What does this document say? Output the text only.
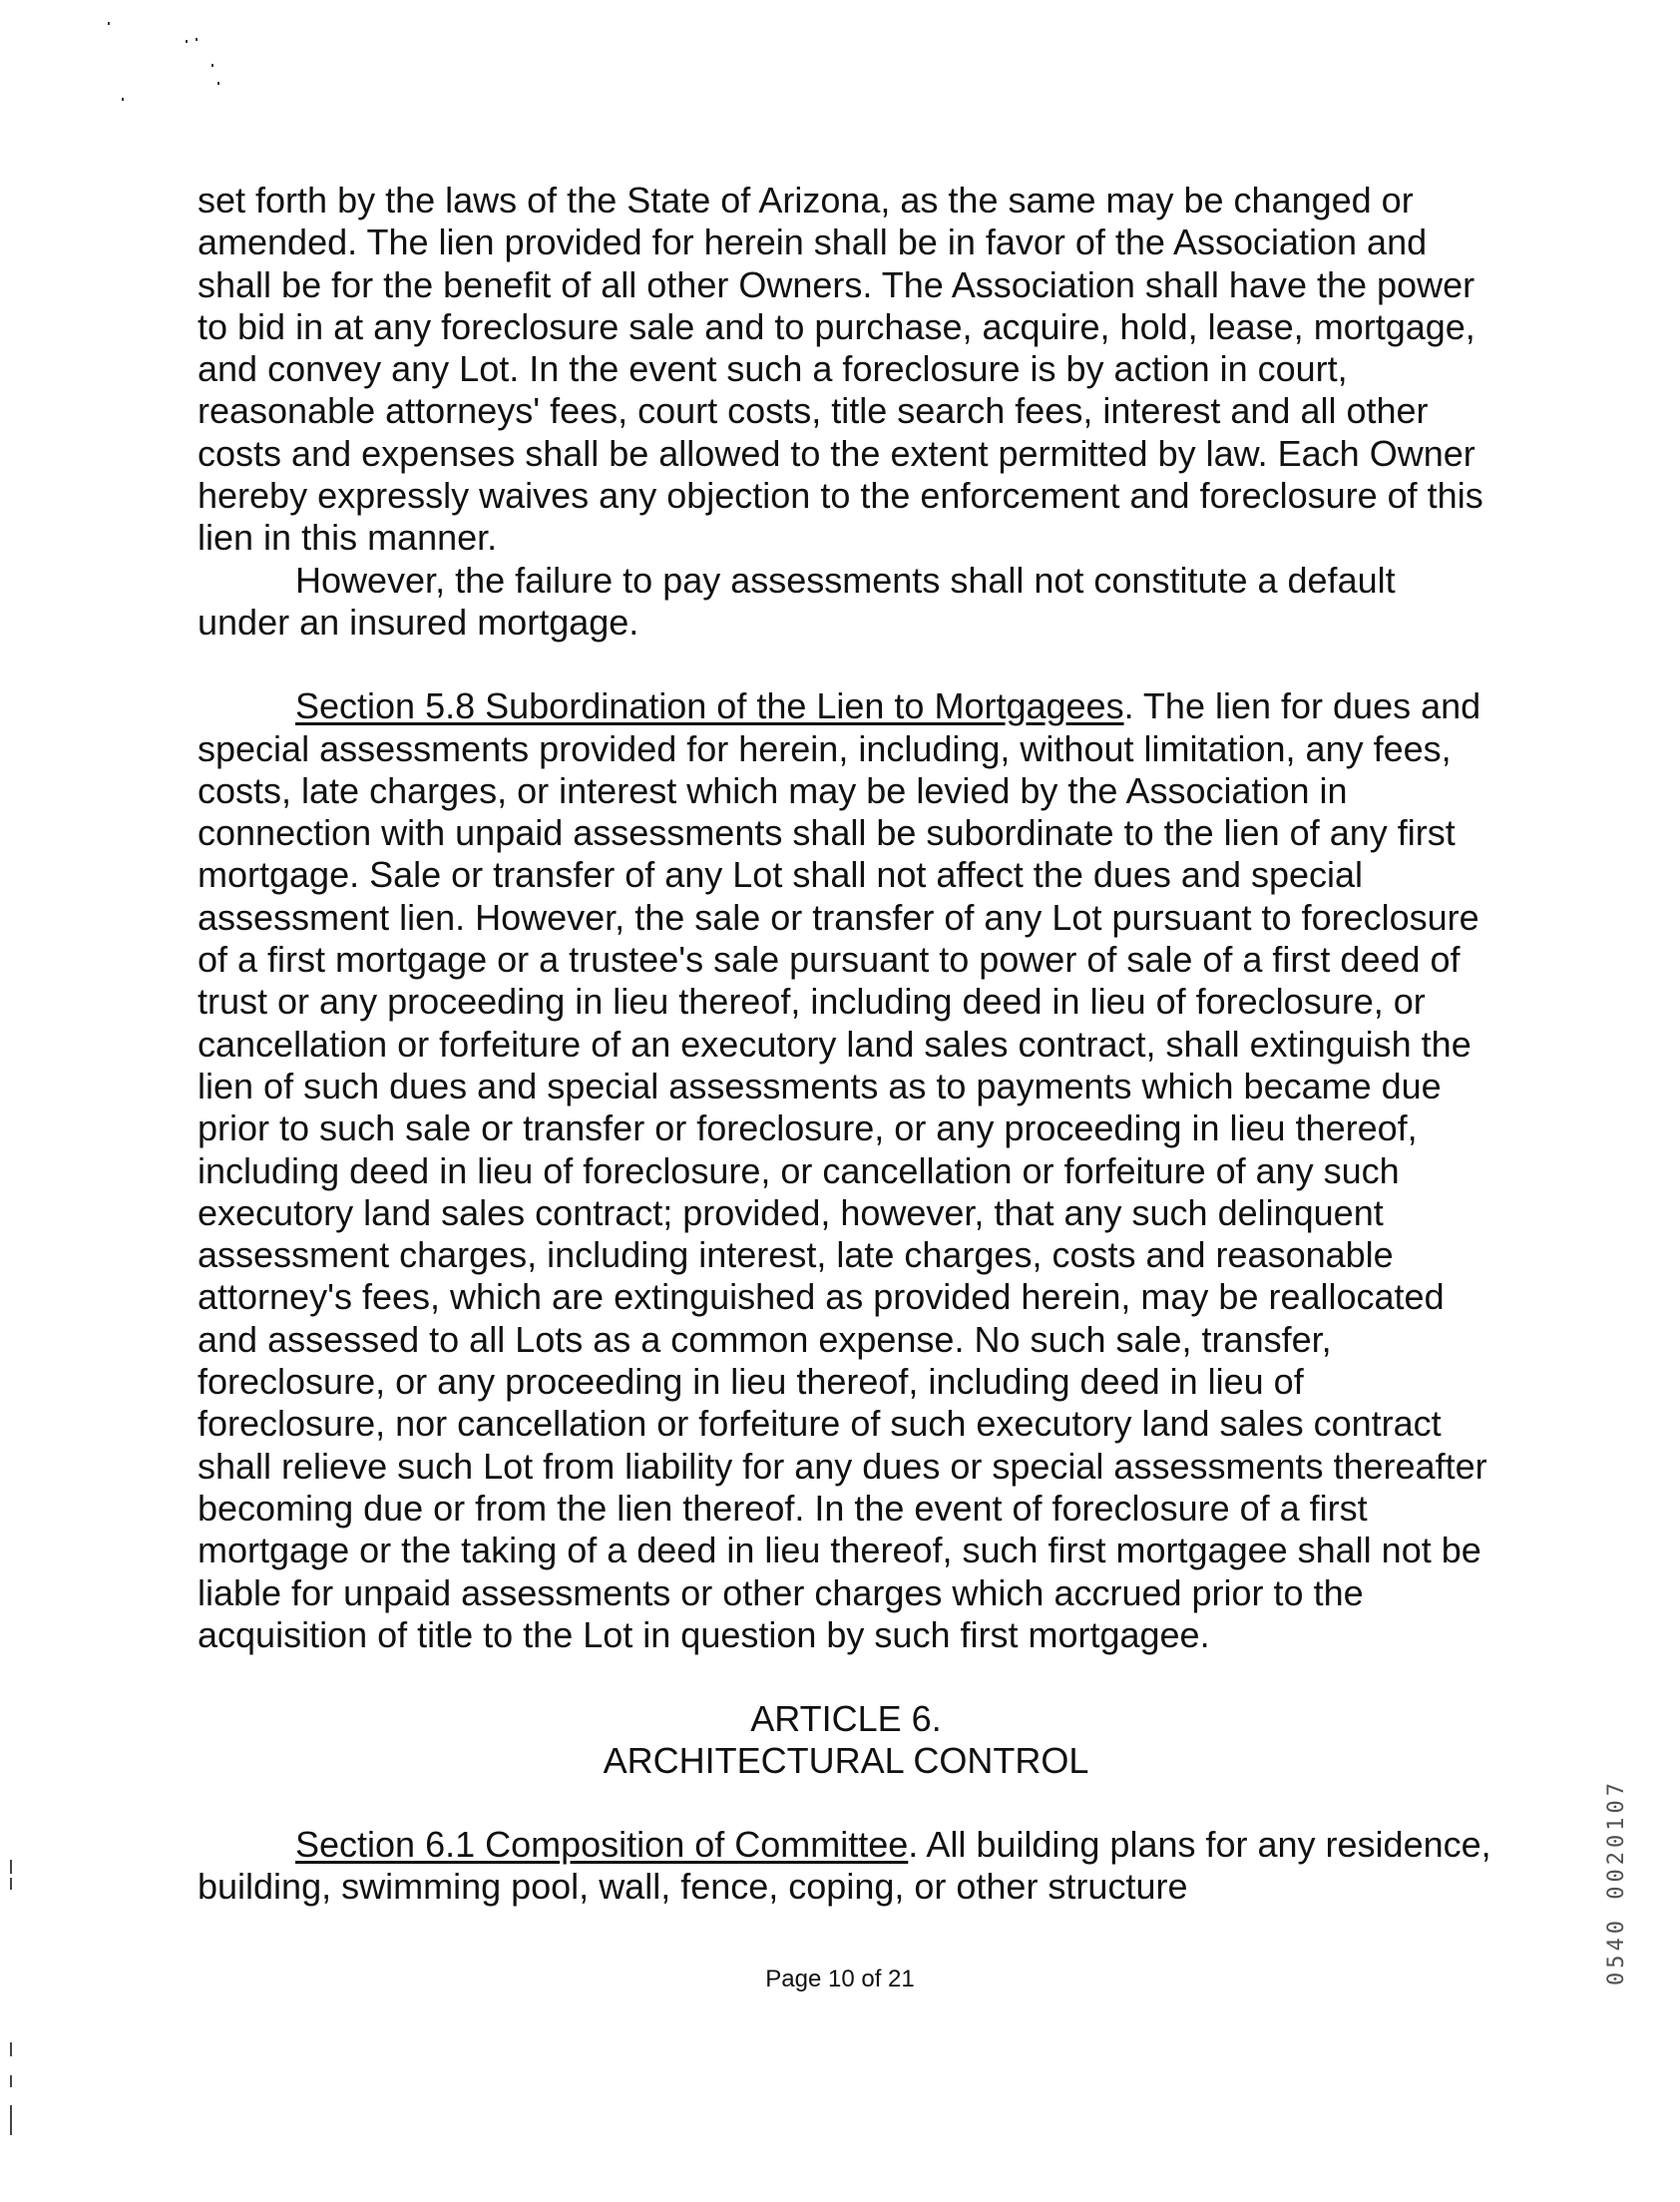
set forth by the laws of the State of Arizona, as the same may be changed or amended. The lien provided for herein shall be in favor of the Association and shall be for the benefit of all other Owners. The Association shall have the power to bid in at any foreclosure sale and to purchase, acquire, hold, lease, mortgage, and convey any Lot. In the event such a foreclosure is by action in court, reasonable attorneys' fees, court costs, title search fees, interest and all other costs and expenses shall be allowed to the extent permitted by law. Each Owner hereby expressly waives any objection to the enforcement and foreclosure of this lien in this manner.

However, the failure to pay assessments shall not constitute a default under an insured mortgage.

Section 5.8 Subordination of the Lien to Mortgagees. The lien for dues and special assessments provided for herein, including, without limitation, any fees, costs, late charges, or interest which may be levied by the Association in connection with unpaid assessments shall be subordinate to the lien of any first mortgage. Sale or transfer of any Lot shall not affect the dues and special assessment lien. However, the sale or transfer of any Lot pursuant to foreclosure of a first mortgage or a trustee's sale pursuant to power of sale of a first deed of trust or any proceeding in lieu thereof, including deed in lieu of foreclosure, or cancellation or forfeiture of an executory land sales contract, shall extinguish the lien of such dues and special assessments as to payments which became due prior to such sale or transfer or foreclosure, or any proceeding in lieu thereof, including deed in lieu of foreclosure, or cancellation or forfeiture of any such executory land sales contract; provided, however, that any such delinquent assessment charges, including interest, late charges, costs and reasonable attorney's fees, which are extinguished as provided herein, may be reallocated and assessed to all Lots as a common expense. No such sale, transfer, foreclosure, or any proceeding in lieu thereof, including deed in lieu of foreclosure, nor cancellation or forfeiture of such executory land sales contract shall relieve such Lot from liability for any dues or special assessments thereafter becoming due or from the lien thereof. In the event of foreclosure of a first mortgage or the taking of a deed in lieu thereof, such first mortgagee shall not be liable for unpaid assessments or other charges which accrued prior to the acquisition of title to the Lot in question by such first mortgagee.

ARTICLE 6.
ARCHITECTURAL CONTROL

Section 6.1 Composition of Committee. All building plans for any residence, building, swimming pool, wall, fence, coping, or other structure

Page 10 of 21	0540 0020107
